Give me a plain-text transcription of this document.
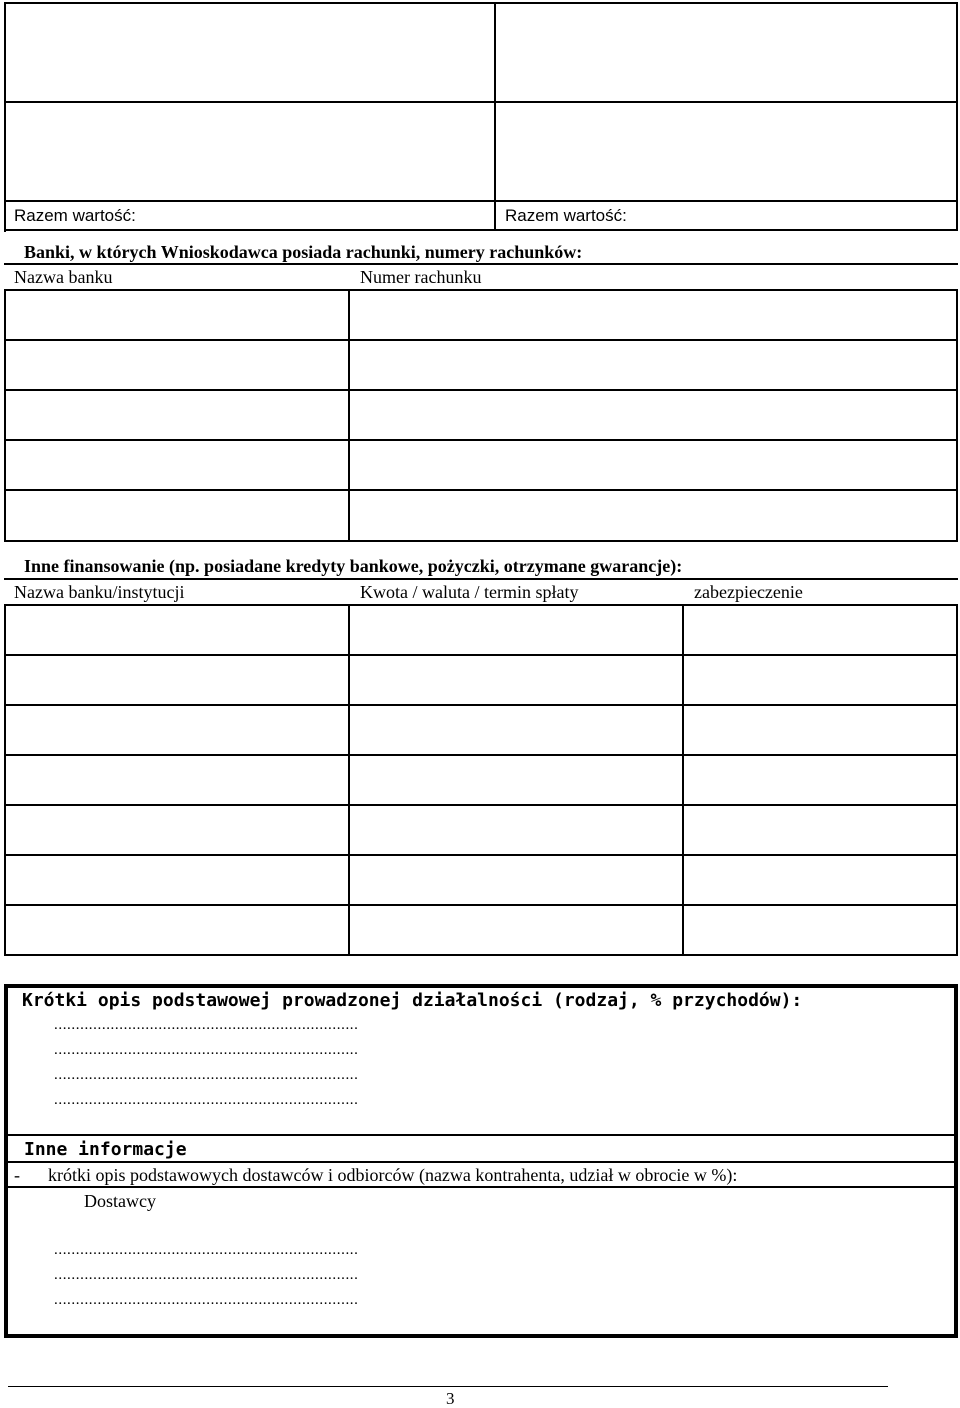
Razem wartość:	Razem wartość:
Banki, w których Wnioskodawca posiada rachunki, numery rachunków:
Nazwa banku	Numer rachunku
Inne finansowanie (np. posiadane kredyty bankowe, pożyczki, otrzymane gwarancje):
Nazwa banku/instytucji	Kwota / waluta / termin spłaty	zabezpieczenie
Krótki opis podstawowej prowadzonej działalności (rodzaj, % przychodów):
......................................................................
......................................................................
......................................................................
......................................................................
Inne informacje
- krótki opis podstawowych dostawców i odbiorców (nazwa kontrahenta, udział w obrocie w %):
Dostawcy
......................................................................
......................................................................
......................................................................
3
